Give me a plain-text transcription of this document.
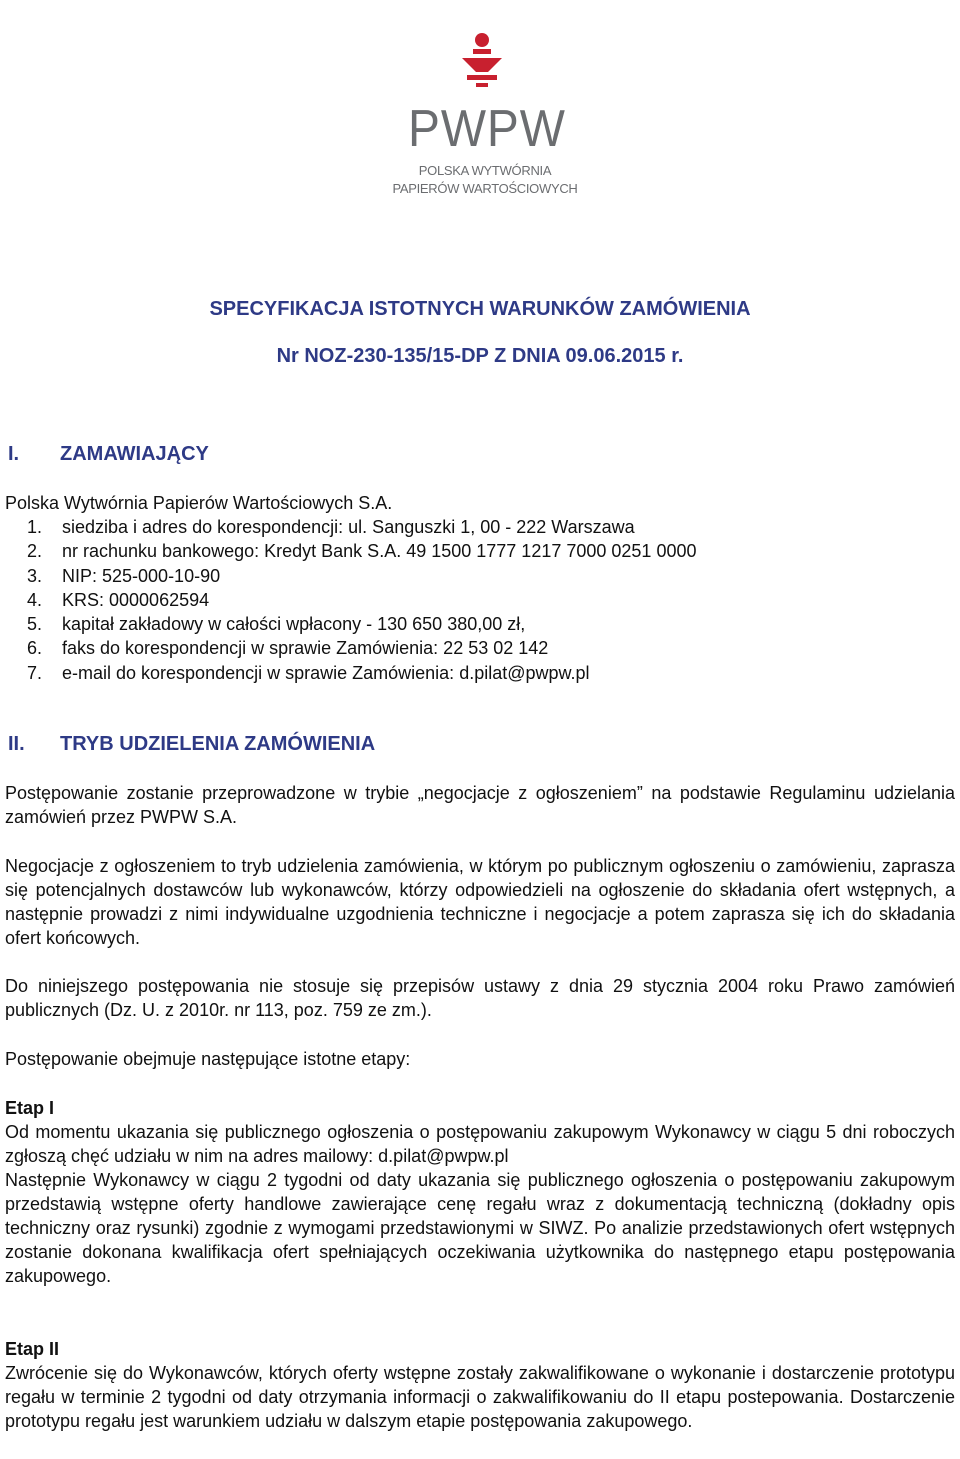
PWPW
POLSKA WYTWÓRNIA
PAPIERÓW WARTOŚCIOWYCH
SPECYFIKACJA ISTOTNYCH WARUNKÓW ZAMÓWIENIA
Nr NOZ-230-135/15-DP Z DNIA 09.06.2015 r.
I. ZAMAWIAJĄCY
Polska Wytwórnia Papierów Wartościowych S.A.
1. siedziba i adres do korespondencji: ul. Sanguszki 1, 00 - 222 Warszawa
2. nr rachunku bankowego: Kredyt Bank S.A. 49 1500 1777 1217 7000 0251 0000
3. NIP: 525-000-10-90
4. KRS: 0000062594
5. kapitał zakładowy w całości wpłacony - 130 650 380,00 zł,
6. faks do korespondencji w sprawie Zamówienia: 22 53 02 142
7. e-mail do korespondencji w sprawie Zamówienia: d.pilat@pwpw.pl
II. TRYB UDZIELENIA ZAMÓWIENIA

Postępowanie zostanie przeprowadzone w trybie „negocjacje z ogłoszeniem” na podstawie Regulaminu udzielania zamówień przez PWPW S.A.

Negocjacje z ogłoszeniem to tryb udzielenia zamówienia, w którym po publicznym ogłoszeniu o zamówieniu, zaprasza się potencjalnych dostawców lub wykonawców, którzy odpowiedzieli na ogłoszenie do składania ofert wstępnych, a następnie prowadzi z nimi indywidualne uzgodnienia techniczne i negocjacje a potem zaprasza się ich do składania ofert końcowych.

Do niniejszego postępowania nie stosuje się przepisów ustawy z dnia 29 stycznia 2004 roku Prawo zamówień publicznych (Dz. U. z 2010r. nr 113, poz. 759 ze zm.).

Postępowanie obejmuje następujące istotne etapy:

Etap I

Od momentu ukazania się publicznego ogłoszenia o postępowaniu zakupowym Wykonawcy w ciągu 5 dni roboczych zgłoszą chęć udziału w nim na adres mailowy: d.pilat@pwpw.pl

Następnie Wykonawcy w ciągu 2 tygodni od daty ukazania się publicznego ogłoszenia o postępowaniu zakupowym przedstawią wstępne oferty handlowe zawierające cenę regału wraz z dokumentacją techniczną (dokładny opis techniczny oraz rysunki) zgodnie z wymogami przedstawionymi w SIWZ. Po analizie przedstawionych ofert wstępnych zostanie dokonana kwalifikacja ofert spełniających oczekiwania użytkownika do następnego etapu postępowania zakupowego.

Etap II

Zwrócenie się do Wykonawców, których oferty wstępne zostały zakwalifikowane o wykonanie i dostarczenie prototypu regału w terminie 2 tygodni od daty otrzymania informacji o zakwalifikowaniu do II etapu postepowania. Dostarczenie prototypu regału jest warunkiem udziału w dalszym etapie postępowania zakupowego.
